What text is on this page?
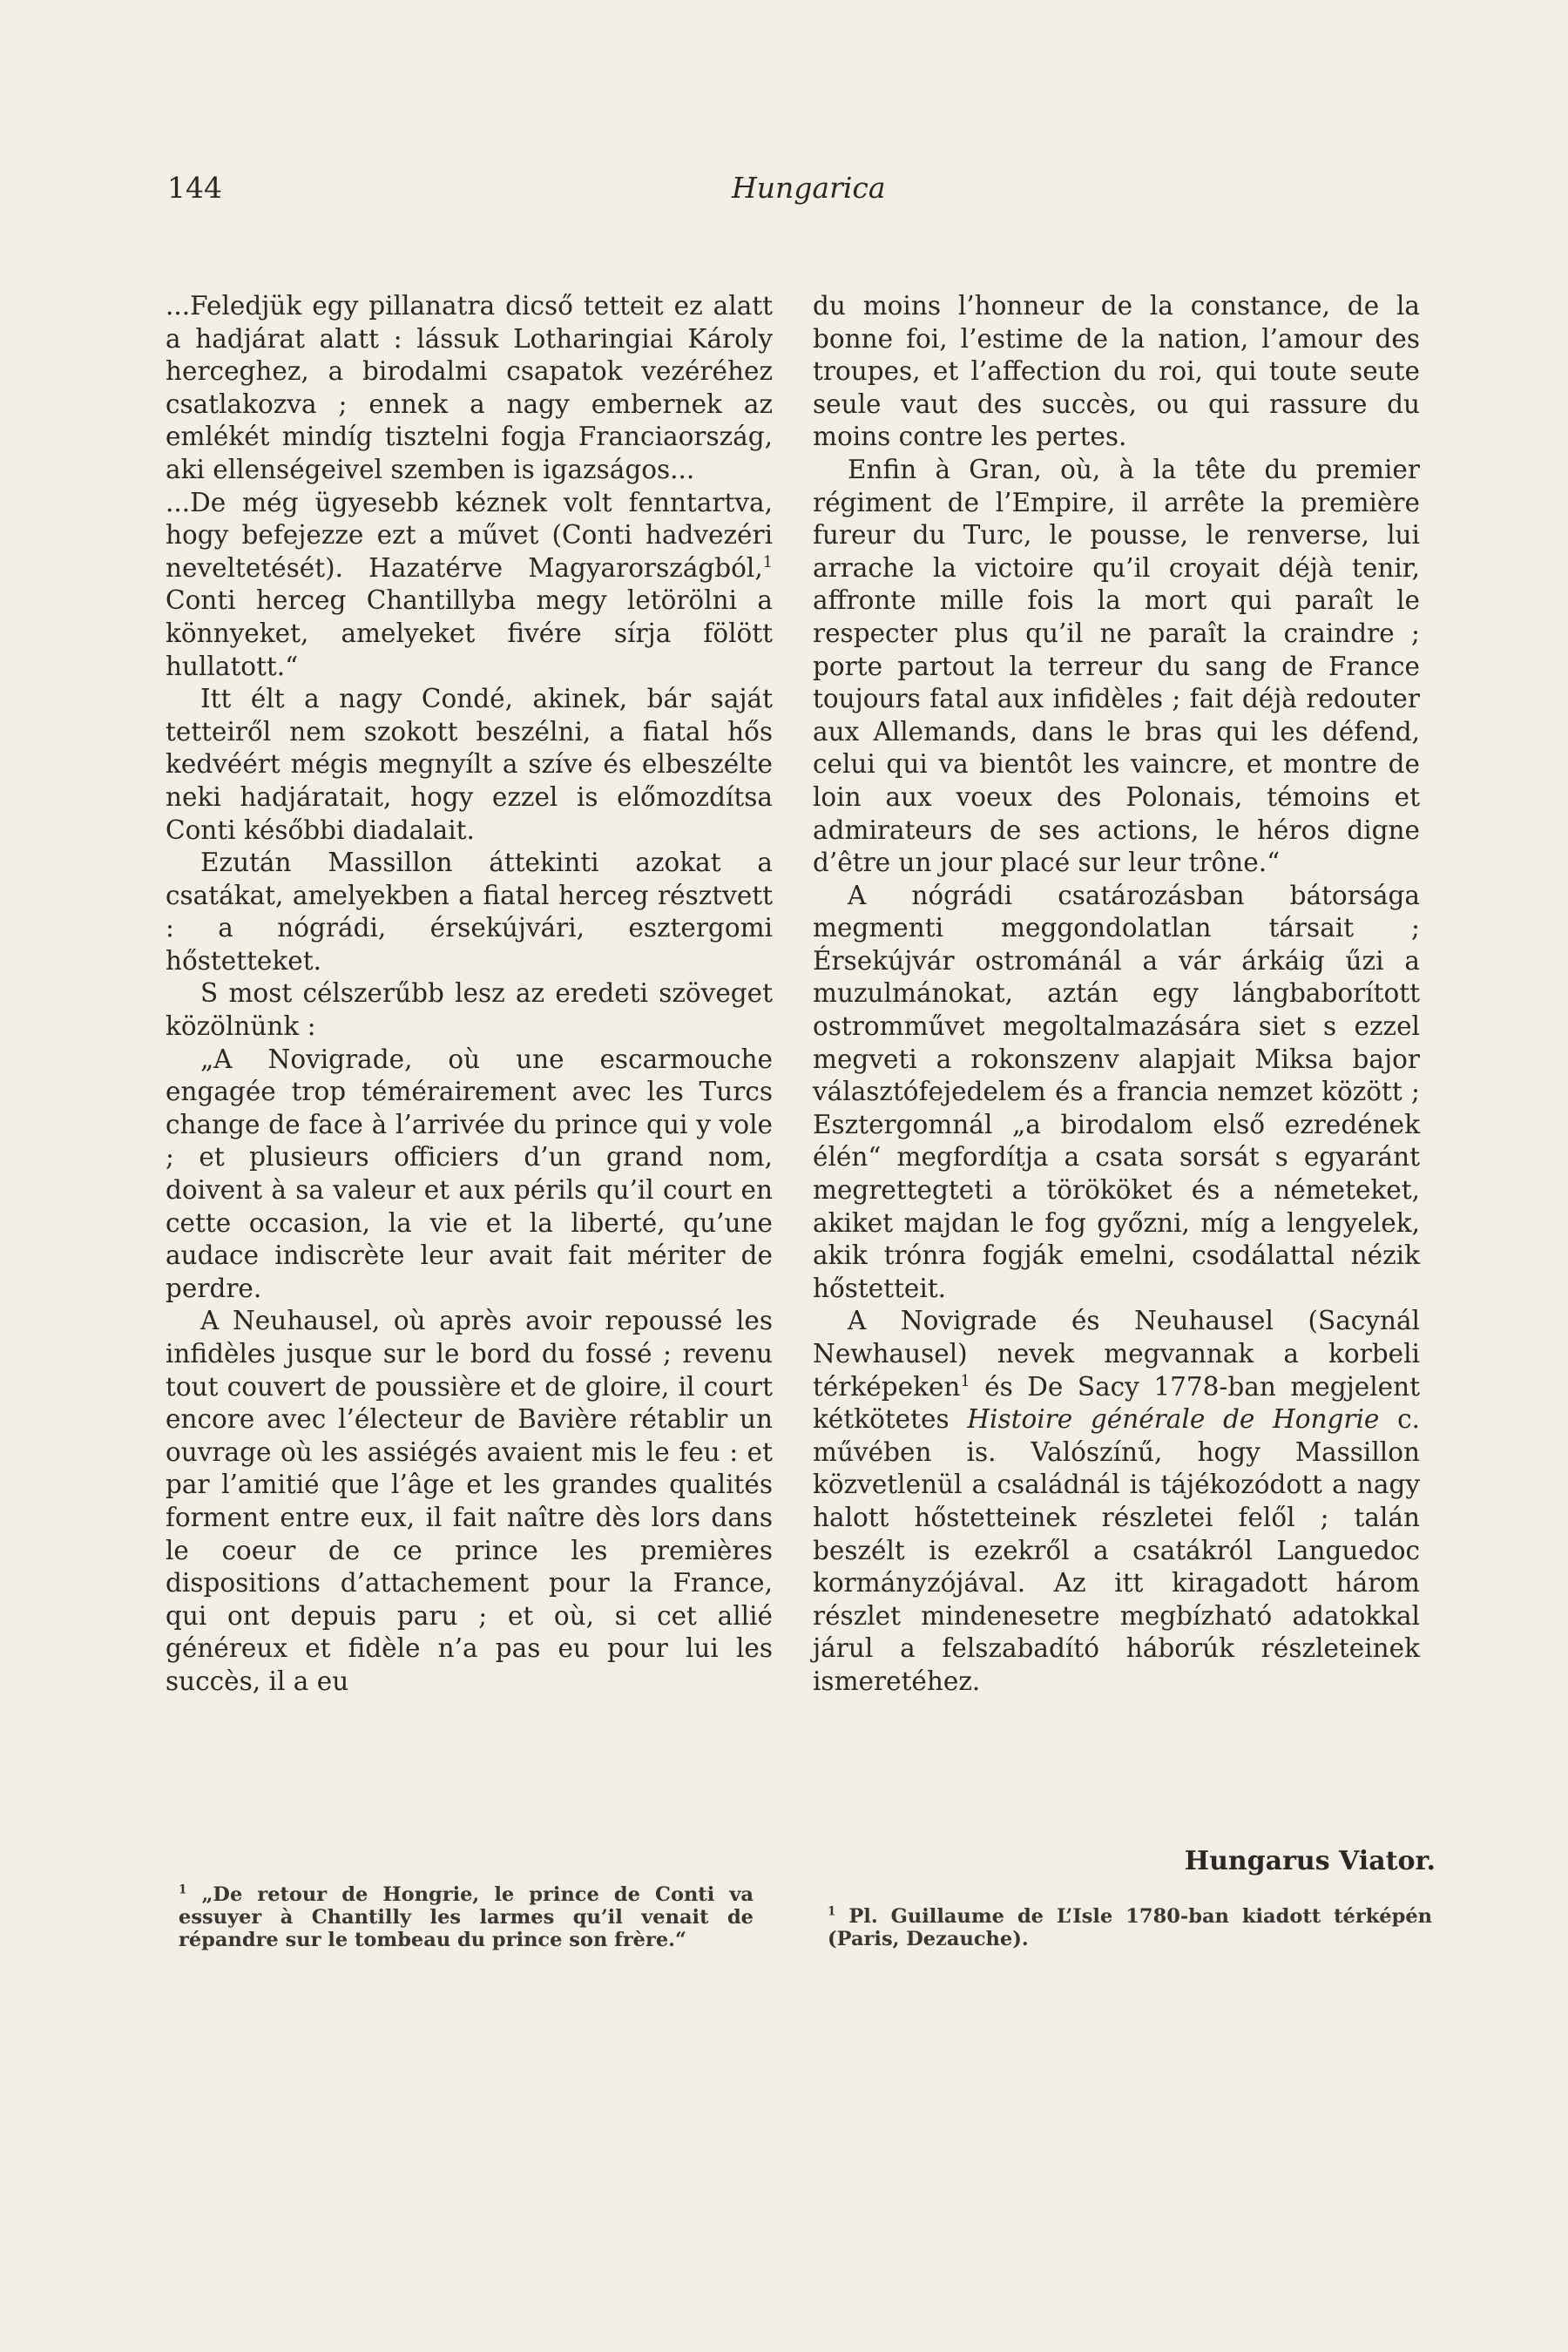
144	Hungarica

...Feledjük egy pillanatra dicső tetteit ez alatt a hadjárat alatt : lássuk Lotharingiai Károly herceghez, a birodalmi csapatok vezéréhez csatlakozva ; ennek a nagy embernek az emlékét mindíg tisztelni fogja Franciaország, aki ellenségeivel szemben is igazságos...

...De még ügyesebb kéznek volt fenntartva, hogy befejezze ezt a művet (Conti hadvezéri neveltetését). Hazatérve Magyarországból,$^1$ Conti herceg Chantillyba megy letörölni a könnyeket, amelyeket fivére sírja fölött hullatott.“

Itt élt a nagy Condé, akinek, bár saját tetteiről nem szokott beszélni, a fiatal hős kedvéért mégis megnyílt a szíve és elbeszélte neki hadjáratait, hogy ezzel is előmozdítsa Conti későbbi diadalait.

Ezután Massillon áttekinti azokat a csatákat, amelyekben a fiatal herceg résztvett : a nógrádi, érsekújvári, esztergomi hőstetteket.

S most célszerűbb lesz az eredeti szöveget közölnünk :

„A Novigrade, où une escarmouche engagée trop témérairement avec les Turcs change de face à l’arrivée du prince qui y vole ; et plusieurs officiers d’un grand nom, doivent à sa valeur et aux périls qu’il court en cette occasion, la vie et la liberté, qu’une audace indiscrète leur avait fait mériter de perdre.

A Neuhausel, où après avoir repoussé les infidèles jusque sur le bord du fossé ; revenu tout couvert de poussière et de gloire, il court encore avec l’électeur de Bavière rétablir un ouvrage où les assiégés avaient mis le feu : et par l’amitié que l’âge et les grandes qualités forment entre eux, il fait naître dès lors dans le coeur de ce prince les premières dispositions d’attachement pour la France, qui ont depuis paru ; et où, si cet allié généreux et fidèle n’a pas eu pour lui les succès, il a eu

du moins l’honneur de la constance, de la bonne foi, l’estime de la nation, l’amour des troupes, et l’affection du roi, qui toute seute seule vaut des succès, ou qui rassure du moins contre les pertes.

Enfin à Gran, où, à la tête du premier régiment de l’Empire, il arrête la première fureur du Turc, le pousse, le renverse, lui arrache la victoire qu’il croyait déjà tenir, affronte mille fois la mort qui paraît le respecter plus qu’il ne paraît la craindre ; porte partout la terreur du sang de France toujours fatal aux infidèles ; fait déjà redouter aux Allemands, dans le bras qui les défend, celui qui va bientôt les vaincre, et montre de loin aux voeux des Polonais, témoins et admirateurs de ses actions, le héros digne d’être un jour placé sur leur trône.“

A nógrádi csatározásban bátorsága megmenti meggondolatlan társait ; Érsekújvár ostrománál a vár árkáig űzi a muzulmánokat, aztán egy lángbaborított ostromművet megoltalmazására siet s ezzel megveti a rokonszenv alapjait Miksa bajor választófejedelem és a francia nemzet között ; Esztergomnál „a birodalom első ezredének élén“ megfordítja a csata sorsát s egyaránt megrettegteti a törököket és a németeket, akiket majdan le fog győzni, míg a lengyelek, akik trónra fogják emelni, csodálattal nézik hőstetteit.

A Novigrade és Neuhausel (Sacynál Newhausel) nevek megvannak a korbeli térképeken$^1$ és De Sacy 1778-ban megjelent kétkötetes Histoire générale de Hongrie c. művében is. Valószínű, hogy Massillon közvetlenül a családnál is tájékozódott a nagy halott hőstetteinek részletei felől ; talán beszélt is ezekről a csatákról Languedoc kormányzójával. Az itt kiragadott három részlet mindenesetre megbízható adatokkal járul a felszabadító háborúk részleteinek ismeretéhez.

Hungarus Viator.
$^1$ „De retour de Hongrie, le prince de Conti va essuyer à Chantilly les larmes qu’il venait de répandre sur le tombeau du prince son frère.“
$^1$ Pl. Guillaume de L’Isle 1780-ban kiadott térképén (Paris, Dezauche).
